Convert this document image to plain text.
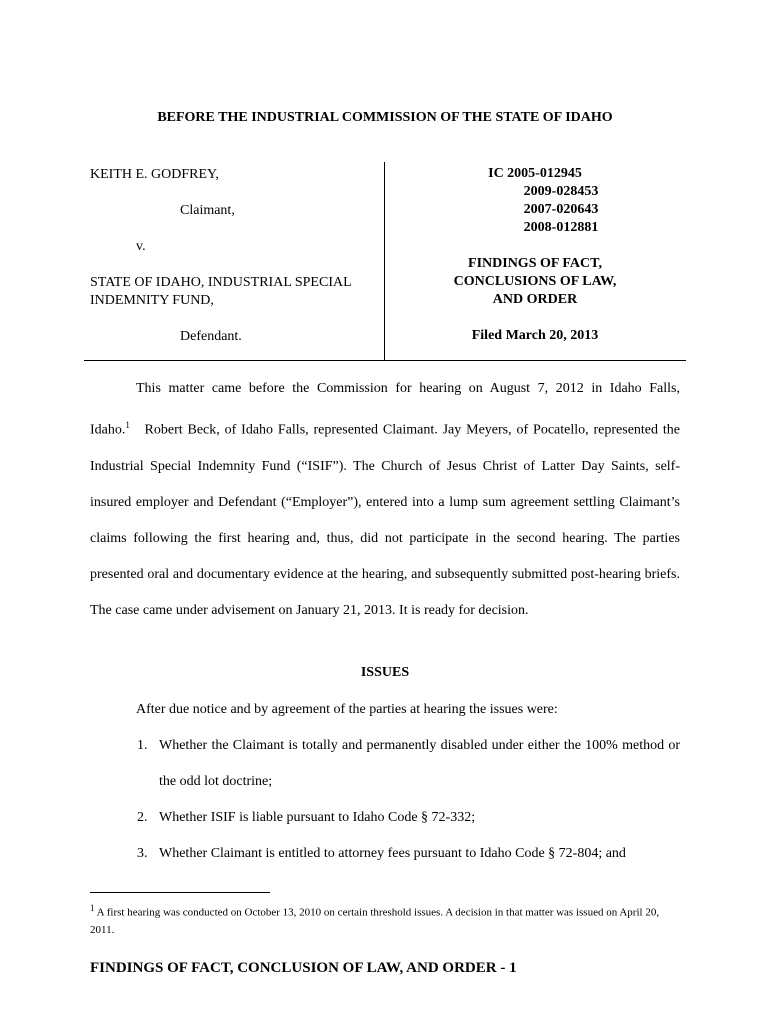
BEFORE THE INDUSTRIAL COMMISSION OF THE STATE OF IDAHO
KEITH E. GODFREY,
Claimant,
v.
STATE OF IDAHO, INDUSTRIAL SPECIAL
INDEMNITY FUND,
Defendant.
IC 2005-012945
2009-028453
2007-020643
2008-012881
FINDINGS OF FACT,
CONCLUSIONS OF LAW,
AND ORDER
Filed March 20, 2013

This matter came before the Commission for hearing on August 7, 2012 in Idaho Falls, Idaho.$^1$ Robert Beck, of Idaho Falls, represented Claimant. Jay Meyers, of Pocatello, represented the Industrial Special Indemnity Fund (“ISIF”). The Church of Jesus Christ of Latter Day Saints, self-insured employer and Defendant (“Employer”), entered into a lump sum agreement settling Claimant’s claims following the first hearing and, thus, did not participate in the second hearing. The parties presented oral and documentary evidence at the hearing, and subsequently submitted post-hearing briefs. The case came under advisement on January 21, 2013. It is ready for decision.

ISSUES

After due notice and by agreement of the parties at hearing the issues were:

1. Whether the Claimant is totally and permanently disabled under either the 100% method or the odd lot doctrine;
2. Whether ISIF is liable pursuant to Idaho Code § 72-332;
3. Whether Claimant is entitled to attorney fees pursuant to Idaho Code § 72-804; and
$^1$ A first hearing was conducted on October 13, 2010 on certain threshold issues. A decision in that matter was issued on April 20, 2011.
FINDINGS OF FACT, CONCLUSION OF LAW, AND ORDER - 1
